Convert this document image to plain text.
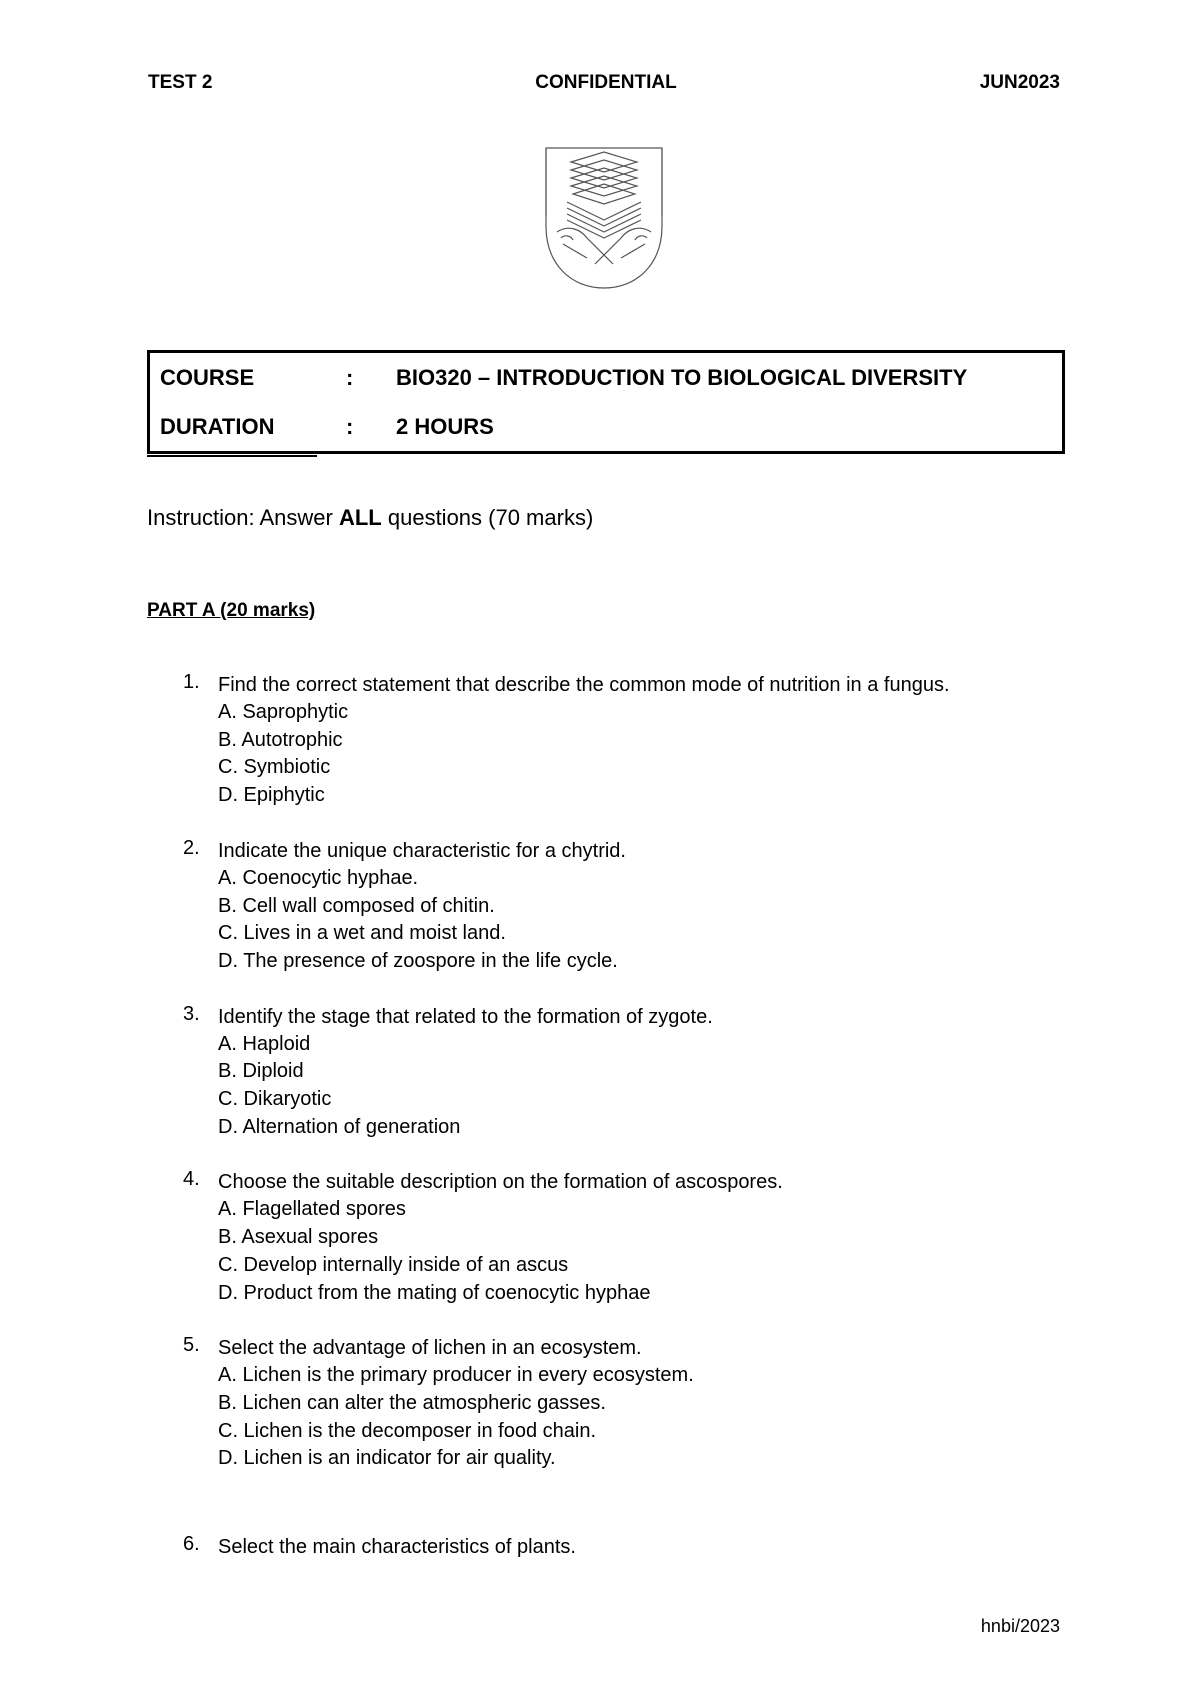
TEST 2	CONFIDENTIAL	JUN2023
COURSE	: BIO320 – INTRODUCTION TO BIOLOGICAL DIVERSITY
DURATION	: 2 HOURS
Instruction: Answer ALL questions (70 marks)
PART A (20 marks)
1. Find the correct statement that describe the common mode of nutrition in a fungus.
A. Saprophytic
B. Autotrophic
C. Symbiotic
D. Epiphytic
2. Indicate the unique characteristic for a chytrid.
A. Coenocytic hyphae.
B. Cell wall composed of chitin.
C. Lives in a wet and moist land.
D. The presence of zoospore in the life cycle.
3. Identify the stage that related to the formation of zygote.
A. Haploid
B. Diploid
C. Dikaryotic
D. Alternation of generation
4. Choose the suitable description on the formation of ascospores.
A. Flagellated spores
B. Asexual spores
C. Develop internally inside of an ascus
D. Product from the mating of coenocytic hyphae
5. Select the advantage of lichen in an ecosystem.
A. Lichen is the primary producer in every ecosystem.
B. Lichen can alter the atmospheric gasses.
C. Lichen is the decomposer in food chain.
D. Lichen is an indicator for air quality.
6. Select the main characteristics of plants.
hnbi/2023
